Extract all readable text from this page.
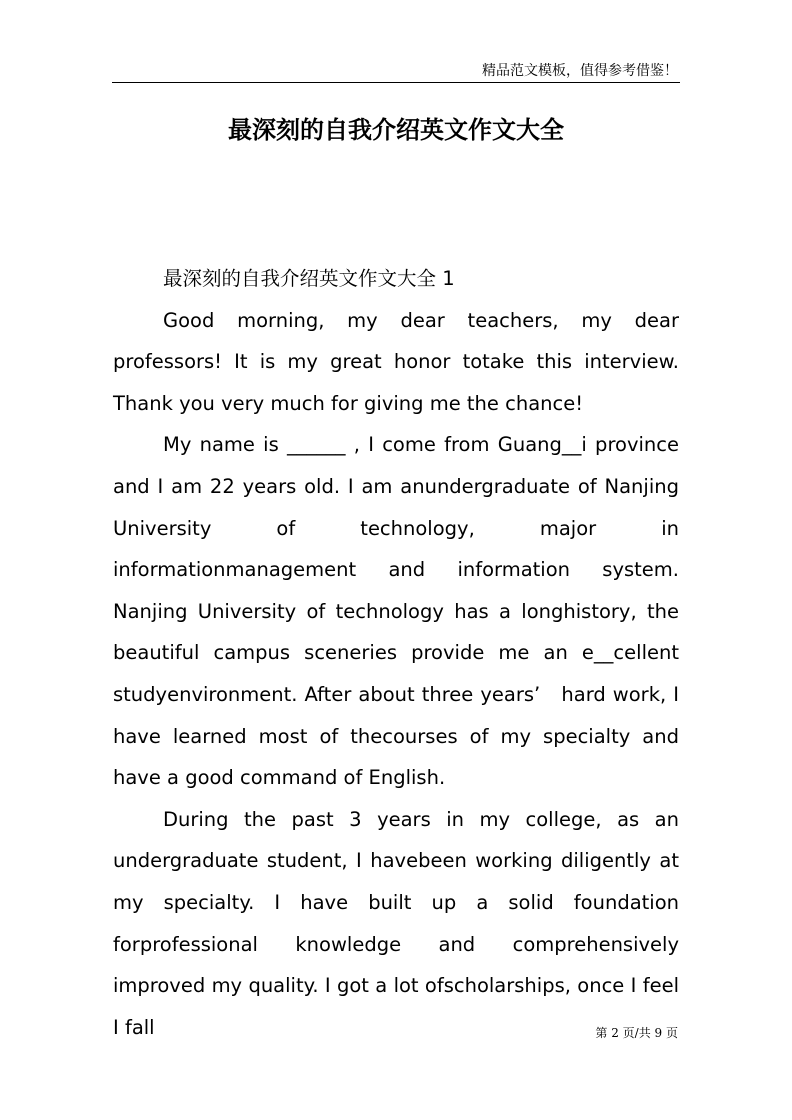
精品范文模板，值得参考借鉴！
最深刻的自我介绍英文作文大全

最深刻的自我介绍英文作文大全 1

Good morning, my dear teachers, my dear professors! It is my great honor totake this interview. Thank you very much for giving me the chance!

My name is ______ , I come from Guang__i province and I am 22 years old. I am anundergraduate of Nanjing University of technology, major in informationmanagement and information system. Nanjing University of technology has a longhistory, the beautiful campus sceneries provide me an e__cellent studyenvironment. After about three years’　hard work, I have learned most of thecourses of my specialty and have a good command of English.

During the past 3 years in my college, as an undergraduate student, I havebeen working diligently at my specialty. I have built up a solid foundation forprofessional knowledge and comprehensively improved my quality. I got a lot ofscholarships, once I feel I fall	第 2 页/共 9 页
